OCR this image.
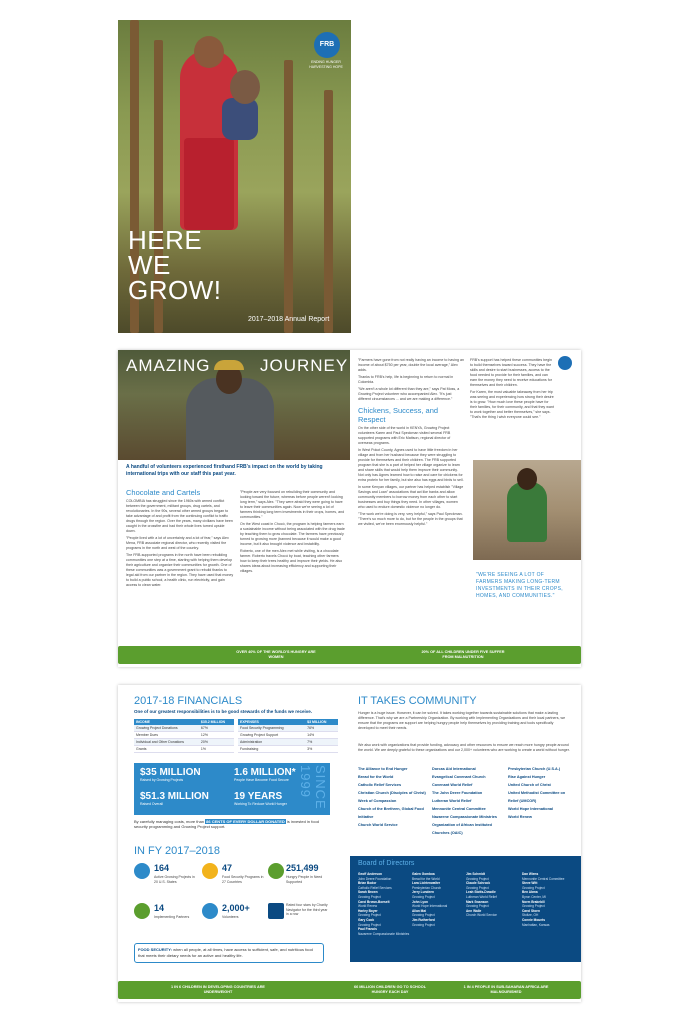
FRB
ENDING HUNGER HARVESTING HOPE
HERE
WE
GROW!
2017–2018 Annual Report
AMAZING	JOURNEY
A handful of volunteers experienced firsthand FRB's impact on the world by taking international trips with our staff this past year.
Chocolate and Cartels

COLOMBIA has struggled since the 1960s with armed conflict between the government, militant groups, drug cartels, and revolutionaries. In the 90s, several other armed groups began to take advantage of and profit from the continuing conflict to traffic drugs through the region. Over the years, many civilians have been caught in the crossfire and had their whole lives turned upside down.

"People lived with a lot of uncertainty and a lot of fear," says Alex Mena, FRB associate regional director, who recently visited the programs in the north and west of the country.

The FRB-supported programs in the north have been rebuilding communities one step at a time, starting with helping them develop their agriculture and organize their communities for growth. One of these communities was a government grant to rebuild thanks to legal aid from our partner in the region. They have used that money to build a public school, a health clinic, run electricity, and gain access to clean water.

"People are very focused on rebuilding their community and looking toward the future, whereas before people weren't looking long term," says Alex. "They were afraid they were going to have to leave their communities again. Now we're seeing a lot of farmers thinking long term investments in their crops, homes, and communities."

On the West coast in Chocó, the program is helping farmers earn a sustainable income without being associated with the drug trade by teaching them to grow chocolate. The farmers have previously turned to growing more (banned because it would make a good income, but it also brought violence and instability.

Roberto, one of the men Alex met while visiting, is a chocolate farmer. Roberto travels Chocó by boat, teaching other farmers how to keep their trees healthy and improve their yields. He also shares ideas about increasing efficiency and supporting their villages.

"Farmers have gone from not really having an income to having an income of about $750 per year, double the local average," Alex adds.

Thanks to FRB's help, life is beginning to return to normal in Colombia.

"We aren't a whole lot different than they are," says Pat Moss, a Growing Project volunteer who accompanied Alex. "It's just different circumstances ... and we are making a difference."

Chickens, Success, and Respect

On the other side of the world in KENYA, Growing Project volunteers Karen and Paul Speckman visited several FRB supported programs with Eric Mattson, regional director of overseas programs.

In West Pokot County, Agnes used to have little freedom in her village and from her husband because they were struggling to provide for themselves and their children. The FRB supported program that she is a part of helped her village organize to learn and share skills that would help them improve their community. Not only has Agnes learned how to raise and care for chickens for extra protein for her family, but she also has eggs and birds to sell.

In some Kenyan villages, our partner has helped establish "Village Savings and Loan" associations that act like banks and allow community members to borrow money from each other to start businesses and buy things they need. In other villages, women who used to endure domestic violence no longer do.

"The work we're doing is very, very helpful," says Paul Speckman. "There's so much more to do, but for the people in the groups that we visited, we've been enormously helpful."

FRB's support has helped these communities begin to build themselves toward success. They have the skills and desire to start businesses, access to the food needed to provide for their families, and can earn the money they need to receive educations for themselves and their children.

For Karen, the most valuable takeaway from her trip was seeing and experiencing how strong their desire is to grow. "How much love these people have for their families, for their community, and that they want to work together and better themselves," she says. "That's the thing I wish everyone could see."

"WE'RE SEEING A LOT OF FARMERS MAKING LONG-TERM INVESTMENTS IN THEIR CROPS, HOMES, AND COMMUNITIES."
OVER 40% OF THE WORLD'S HUNGRY ARE WOMEN
20% OF ALL CHILDREN UNDER FIVE SUFFER FROM MALNUTRITION
2017-18 FINANCIALS
One of our greatest responsibilities is to be good stewards of the funds we receive.
INCOME	$35.2 MILLION
Growing Project Donations	67%
Member Dues	12%
Individual and Other Donations	20%
Grants	1%
EXPENSES	$3 MILLION
Food Security Programming	76%
Growing Project Support	14%
Administration	7%
Fundraising	3%
$35 MILLION
Raised by Growing Projects
1.6 MILLION*
People Have Become Food Secure
$51.3 MILLION
Raised Overall
19 YEARS
Working To Reduce World Hunger	SINCE 1999
By carefully managing costs, more than 86 CENTS OF EVERY DOLLAR DONATED is invested in food security programming and Growing Project support.
IN FY 2017–2018
164
Active Growing Projects in 20 U.S. States
47
Food Security Programs in 27 Countries
251,499
Hungry People in Need Supported
14
Implementing Partners
2,000+
Volunteers
Rated four stars by Charity Navigator for the third year in a row
FOOD SECURITY: when all people, at all times, have access to sufficient, safe, and nutritious food that meets their dietary needs for an active and healthy life.
IT TAKES COMMUNITY

Hunger is a huge issue. However, it can be solved. It takes working together towards sustainable solutions that make a lasting difference. That's why we are a Partnership Organization. By working with Implementing Organizations and their local partners, we ensure that the programs we support are helping hungry people help themselves by providing training and tools specifically developed to meet their needs.

We also work with organizations that provide funding, advocacy and other resources to ensure we reach more hungry people around the world. We are deeply grateful to these organizations and our 2,000+ volunteers who are working to create a world without hunger.

The Alliance to End Hunger
Bread for the World
Catholic Relief Services
Christian Church (Disciples of Christ) Week of Compassion
Church of the Brethren, Global Food Initiative
Church World Service
Dorcas Aid International
Evangelical Covenant Church Covenant World Relief
The John Deere Foundation
Lutheran World Relief
Mennonite Central Committee
Nazarene Compassionate Ministries
Organization of African Instituted Churches (OAIC)
Presbyterian Church (U.S.A.)
Rise Against Hunger
United Church of Christ
United Methodist Committee on Relief (UMCOR)
World Hope International
World Renew
Board of Directors
Geoff Anderson
John Deere Foundation
Brian Bodor
Catholic Relief Services
Sarah Brown
Growing Project
Carol Brown-Boeselt
World Renew
Harley Boyer
Growing Project
Gary Cook
Growing Project
Paul Francis
Nazarene Compassionate Ministries
Galen Gomboa
Bread for the World
Lara Lichtenwalter
Presbyterian Church
Jerry Lundeen
Growing Project
John Lyon
World Hope International
Allan Mai
Growing Project
Jim Rutherford
Growing Project
Jim Schmidt
Growing Project
Claude Schrock
Growing Project
Leah Stotts-Dowdle
Lutheran World Relief
Mark Swanson
Growing Project
Ann Walle
Church World Service
Dan Wiens
Mennonite Central Committee
Steve Witt
Growing Project
Ben Abma
Byron Center, MI
Norm Brakebill
Growing Project
Carol Stoen
Stoltze, OH
Connie Mounts
Manhattan, Kansas
1 IN 6 CHILDREN IN DEVELOPING COUNTRIES ARE UNDERWEIGHT
66 MILLION CHILDREN GO TO SCHOOL HUNGRY EACH DAY
1 IN 4 PEOPLE IN SUB-SAHARAN AFRICA ARE MALNOURISHED
